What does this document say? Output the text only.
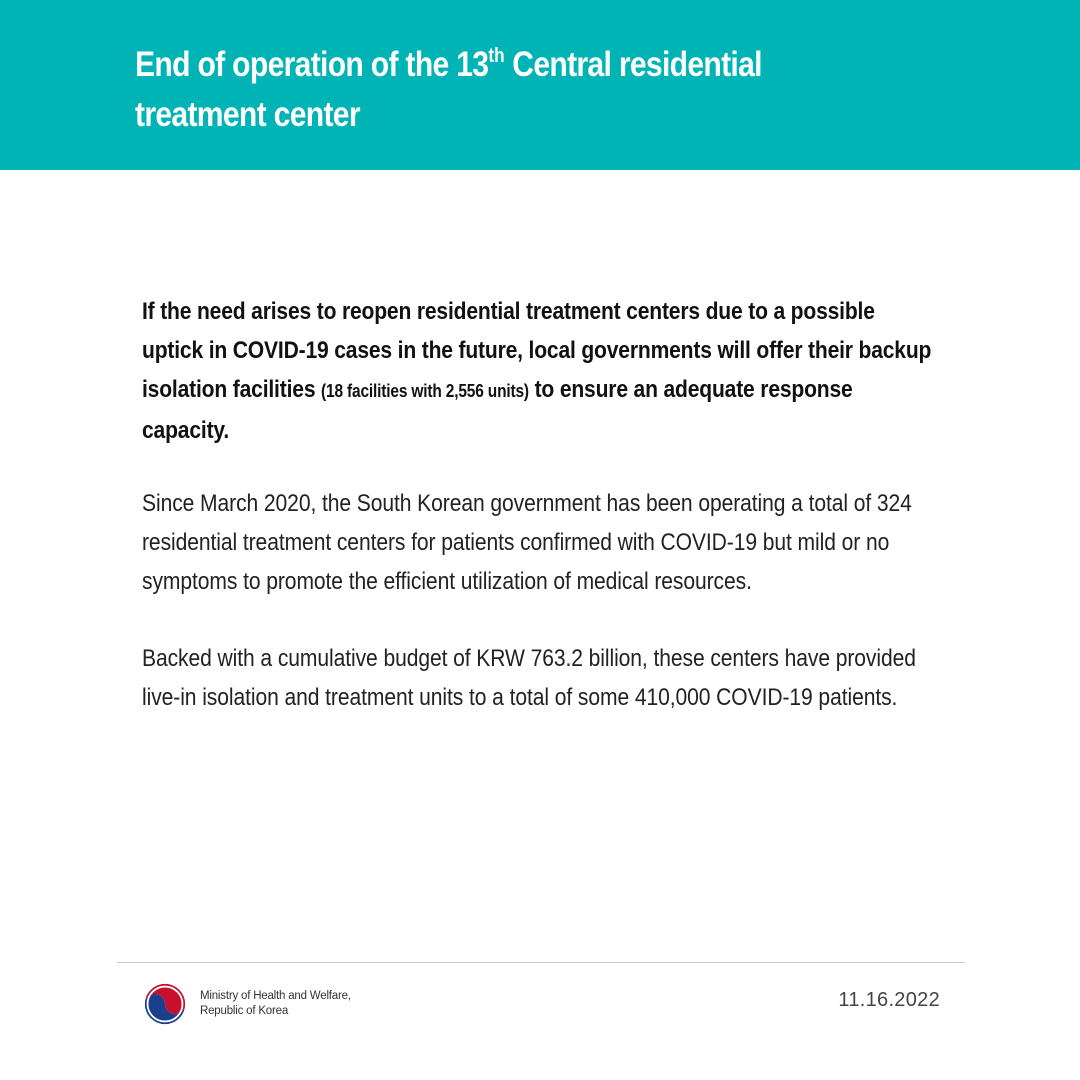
End of operation of the 13th Central residential treatment center

If the need arises to reopen residential treatment centers due to a possible uptick in COVID-19 cases in the future, local governments will offer their backup isolation facilities (18 facilities with 2,556 units) to ensure an adequate response capacity.

Since March 2020, the South Korean government has been operating a total of 324 residential treatment centers for patients confirmed with COVID-19 but mild or no symptoms to promote the efficient utilization of medical resources.

Backed with a cumulative budget of KRW 763.2 billion, these centers have provided live-in isolation and treatment units to a total of some 410,000 COVID-19 patients.

Ministry of Health and Welfare,
Republic of Korea	11.16.2022
